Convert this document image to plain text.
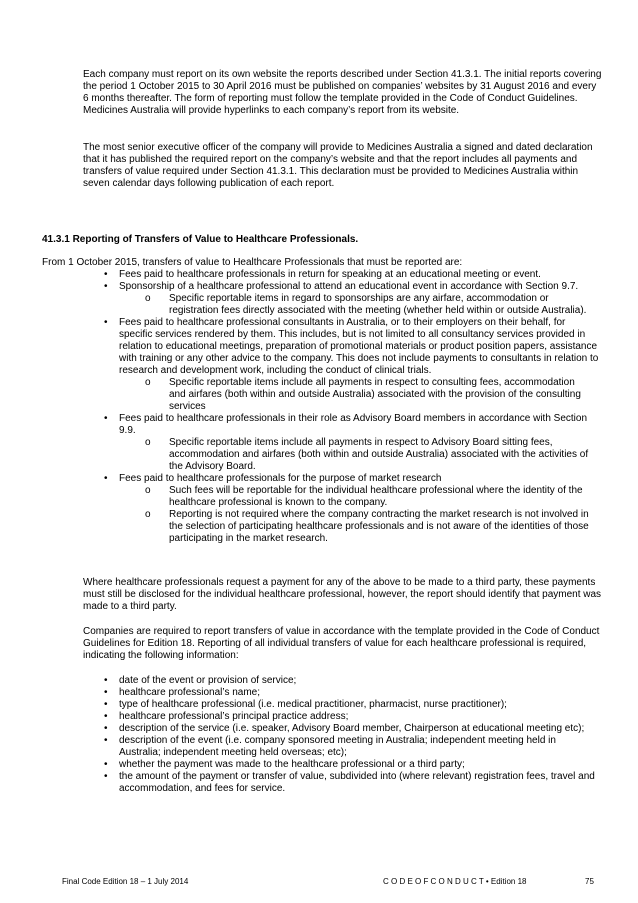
Each company must report on its own website the reports described under Section 41.3.1. The initial reports covering the period 1 October 2015 to 30 April 2016 must be published on companies’ websites by 31 August 2016 and every 6 months thereafter. The form of reporting must follow the template provided in the Code of Conduct Guidelines. Medicines Australia will provide hyperlinks to each company’s report from its website.

The most senior executive officer of the company will provide to Medicines Australia a signed and dated declaration that it has published the required report on the company’s website and that the report includes all payments and transfers of value required under Section 41.3.1. This declaration must be provided to Medicines Australia within seven calendar days following publication of each report.

41.3.1 Reporting of Transfers of Value to Healthcare Professionals.

From 1 October 2015, transfers of value to Healthcare Professionals that must be reported are:

• Fees paid to healthcare professionals in return for speaking at an educational meeting or event.
• Sponsorship of a healthcare professional to attend an educational event in accordance with Section 9.7.
o Specific reportable items in regard to sponsorships are any airfare, accommodation or registration fees directly associated with the meeting (whether held within or outside Australia).
• Fees paid to healthcare professional consultants in Australia, or to their employers on their behalf, for specific services rendered by them. This includes, but is not limited to all consultancy services provided in relation to educational meetings, preparation of promotional materials or product position papers, assistance with training or any other advice to the company. This does not include payments to consultants in relation to research and development work, including the conduct of clinical trials.
o Specific reportable items include all payments in respect to consulting fees, accommodation and airfares (both within and outside Australia) associated with the provision of the consulting services
• Fees paid to healthcare professionals in their role as Advisory Board members in accordance with Section 9.9.
o Specific reportable items include all payments in respect to Advisory Board sitting fees, accommodation and airfares (both within and outside Australia) associated with the activities of the Advisory Board.
• Fees paid to healthcare professionals for the purpose of market research
o Such fees will be reportable for the individual healthcare professional where the identity of the healthcare professional is known to the company.
o Reporting is not required where the company contracting the market research is not involved in the selection of participating healthcare professionals and is not aware of the identities of those participating in the market research.

Where healthcare professionals request a payment for any of the above to be made to a third party, these payments must still be disclosed for the individual healthcare professional, however, the report should identify that payment was made to a third party.

Companies are required to report transfers of value in accordance with the template provided in the Code of Conduct Guidelines for Edition 18. Reporting of all individual transfers of value for each healthcare professional is required, indicating the following information:

• date of the event or provision of service;
• healthcare professional’s name;
• type of healthcare professional (i.e. medical practitioner, pharmacist, nurse practitioner);
• healthcare professional’s principal practice address;
• description of the service (i.e. speaker, Advisory Board member, Chairperson at educational meeting etc);
• description of the event (i.e. company sponsored meeting in Australia; independent meeting held in Australia; independent meeting held overseas; etc);
• whether the payment was made to the healthcare professional or a third party;
• the amount of the payment or transfer of value, subdivided into (where relevant) registration fees, travel and accommodation, and fees for service.
Final Code Edition 18 – 1 July 2014	C O D E O F C O N D U C T • Edition 18	75
